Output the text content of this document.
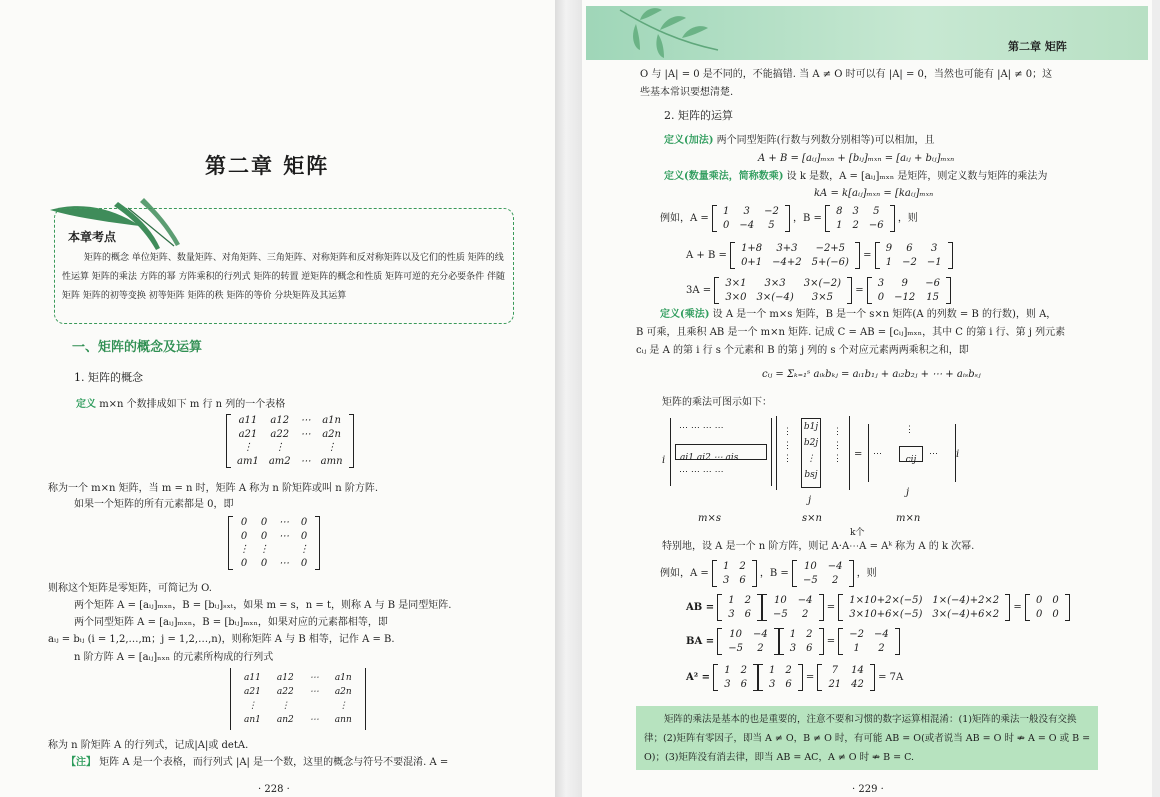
第二章 矩阵
本章考点
矩阵的概念 单位矩阵、数量矩阵、对角矩阵、三角矩阵、对称矩阵和反对称矩阵以及它们的性质 矩阵的线性运算 矩阵的乘法 方阵的幂 方阵乘积的行列式 矩阵的转置 逆矩阵的概念和性质 矩阵可逆的充分必要条件 伴随矩阵 矩阵的初等变换 初等矩阵 矩阵的秩 矩阵的等价 分块矩阵及其运算
一、矩阵的概念及运算
1. 矩阵的概念
定义 m×n 个数排成如下 m 行 n 列的一个表格
a11	a12	⋯	a1n
a21	a22	⋯	a2n
⋮	⋮		⋮
am1	am2	⋯	amn
称为一个 m×n 矩阵，当 m = n 时，矩阵 A 称为 n 阶矩阵或叫 n 阶方阵.
如果一个矩阵的所有元素都是 0，即
0	0	⋯	0
0	0	⋯	0
⋮	⋮		⋮
0	0	⋯	0
则称这个矩阵是零矩阵，可简记为 O.
两个矩阵 A = [aᵢⱼ]ₘₓₙ，B = [bᵢⱼ]ₛₓₜ，如果 m = s，n = t，则称 A 与 B 是同型矩阵.
两个同型矩阵 A = [aᵢⱼ]ₘₓₙ，B = [bᵢⱼ]ₘₓₙ，如果对应的元素都相等，即
aᵢⱼ = bᵢⱼ (i = 1,2,…,m；j = 1,2,…,n)，则称矩阵 A 与 B 相等，记作 A = B.
n 阶方阵 A = [aᵢⱼ]ₙₓₙ 的元素所构成的行列式
a11	a12	⋯	a1n
a21	a22	⋯	a2n
⋮	⋮		⋮
an1	an2	⋯	ann
称为 n 阶矩阵 A 的行列式，记成|A|或 detA.
【注】 矩阵 A 是一个表格，而行列式 |A| 是一个数，这里的概念与符号不要混淆. A =
· 228 ·
第二章 矩阵
O 与 |A| = 0 是不同的，不能搞错. 当 A ≠ O 时可以有 |A| = 0，当然也可能有 |A| ≠ 0；这
些基本常识要想清楚.
2. 矩阵的运算
定义(加法) 两个同型矩阵(行数与列数分别相等)可以相加，且
A + B = [aᵢⱼ]ₘₓₙ + [bᵢⱼ]ₘₓₙ = [aᵢⱼ + bᵢⱼ]ₘₓₙ
定义(数量乘法，简称数乘) 设 k 是数，A = [aᵢⱼ]ₘₓₙ 是矩阵，则定义数与矩阵的乘法为
kA = k[aᵢⱼ]ₘₓₙ = [kaᵢⱼ]ₘₓₙ
例如，A =
1	3	−2
0	−4	5
，B =
8	3	5
1	2	−6
，则
A + B =
1+8	3+3	−2+5
0+1	−4+2	5+(−6)
=
9	6	3
1	−2	−1
3A =
3×1	3×3	3×(−2)
3×0	3×(−4)	3×5
=
3	9	−6
0	−12	15
定义(乘法) 设 A 是一个 m×s 矩阵，B 是一个 s×n 矩阵(A 的列数 = B 的行数)，则 A，
B 可乘，且乘积 AB 是一个 m×n 矩阵. 记成 C = AB = [cᵢⱼ]ₘₓₙ，其中 C 的第 i 行、第 j 列元素
cᵢⱼ 是 A 的第 i 行 s 个元素和 B 的第 j 列的 s 个对应元素两两乘积之和，即
cᵢⱼ = Σₖ₌₁ˢ aᵢₖbₖⱼ = aᵢ₁b₁ⱼ + aᵢ₂b₂ⱼ + ⋯ + aᵢₛbₛⱼ
矩阵的乘法可图示如下：
i
⋯ ⋯ ⋯ ⋯
ai1 ai2 ⋯ ais
⋯ ⋯ ⋯ ⋯
⋮
⋮
⋮
b1j
b2j
⋮
bsj
⋮
⋮
⋮ =
⋮
⋯
cij
⋯ i
j
j
m×s	s×n	m×n
k个
特别地，设 A 是一个 n 阶方阵，则记 A·A⋯A = Aᵏ 称为 A 的 k 次幂.
例如，A =
1	2
3	6
，B =
10	−4
−5	2
，则
AB =
1	2
3	6
10	−4
−5	2
=
1×10+2×(−5)	1×(−4)+2×2
3×10+6×(−5)	3×(−4)+6×2
=
0	0
0	0
BA =
10	−4
−5	2
1	2
3	6
=
−2	−4
1	2
A² =
1	2
3	6
1	2
3	6
=
7	14
21	42
= 7A
矩阵的乘法是基本的也是重要的，注意不要和习惯的数字运算相混淆：(1)矩阵的乘法一般没有交换律；(2)矩阵有零因子，即当 A ≠ O，B ≠ O 时，有可能 AB = O(或者说当 AB = O 时 ⇏ A = O 或 B = O)；(3)矩阵没有消去律，即当 AB = AC，A ≠ O 时 ⇏ B = C.
· 229 ·
